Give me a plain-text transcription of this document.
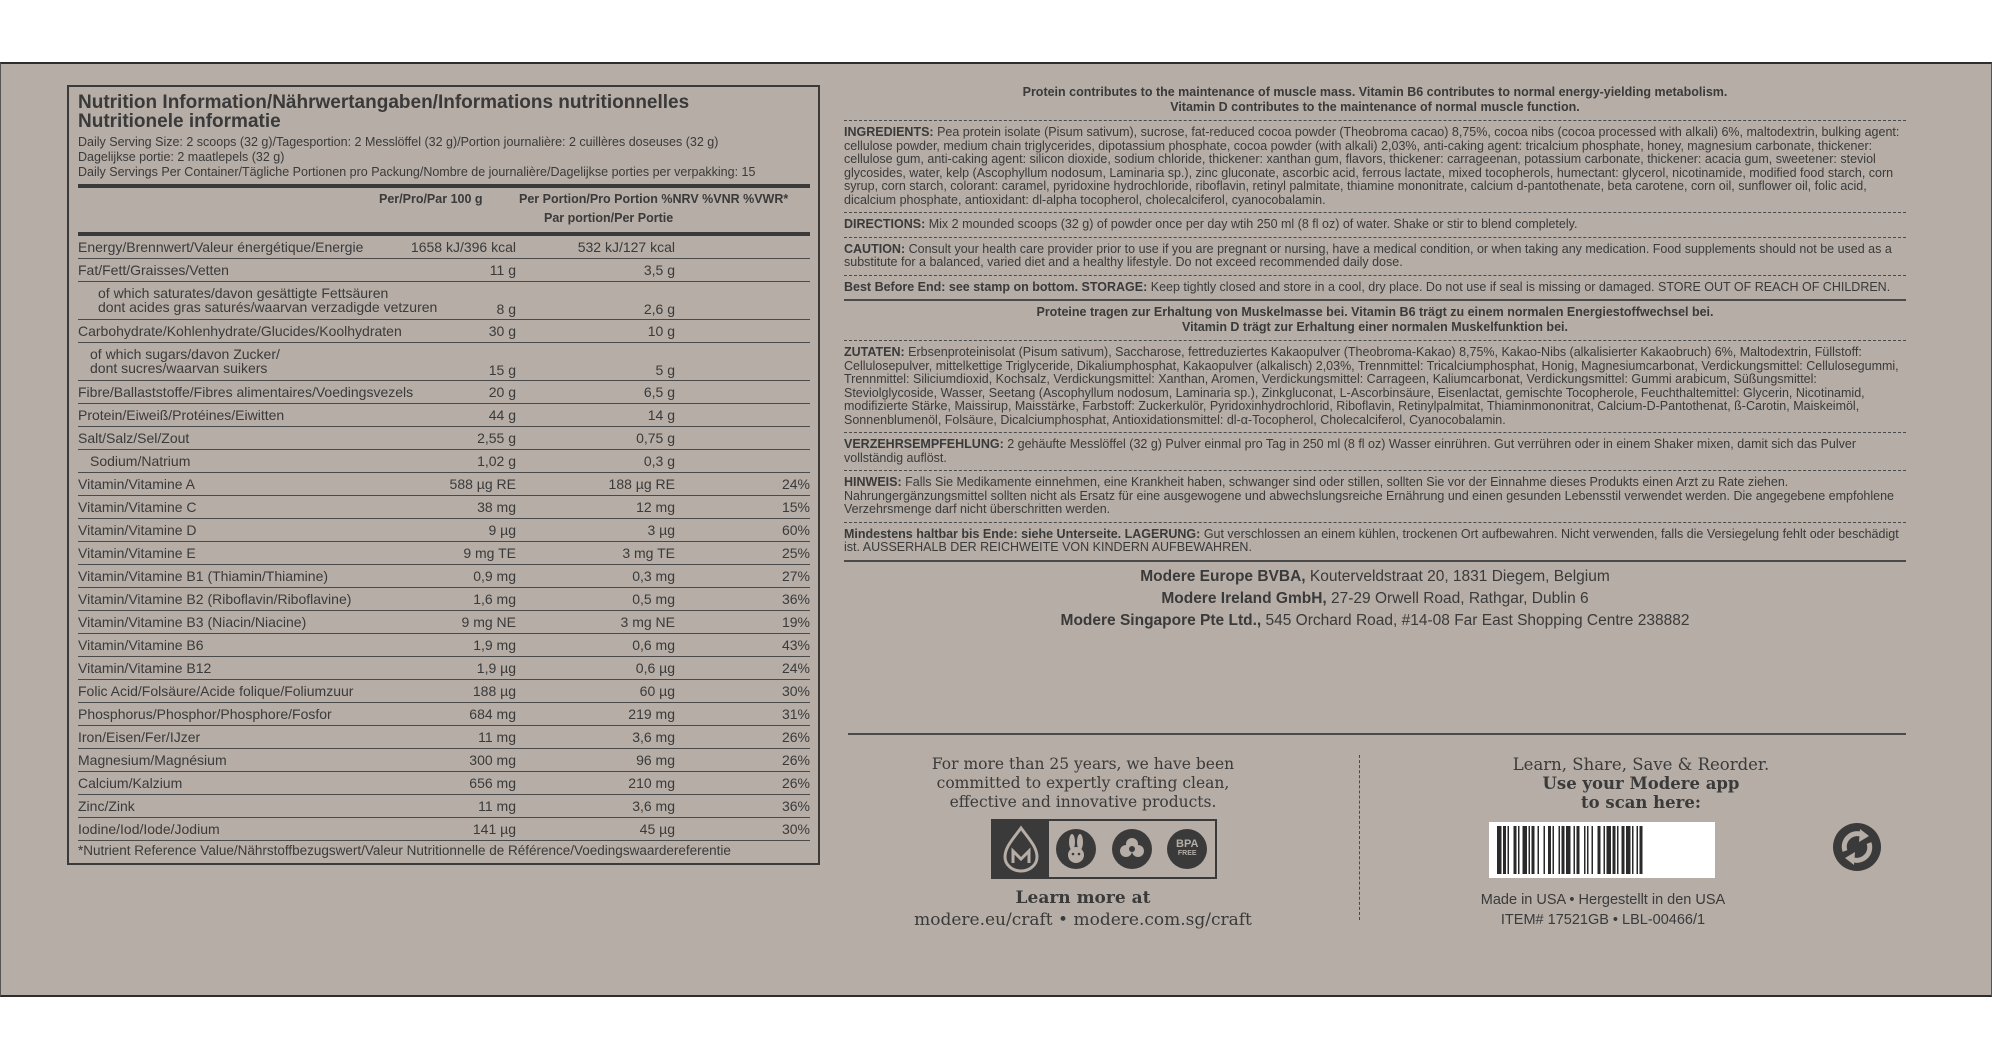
Nutrition Information/Nährwertangaben/Informations nutritionnelles
Nutritionele informatie
Daily Serving Size: 2 scoops (32 g)/Tagesportion: 2 Messlöffel (32 g)/Portion journalière: 2 cuillères doseuses (32 g)
Dagelijkse portie: 2 maatlepels (32 g)
Daily Servings Per Container/Tägliche Portionen pro Packung/Nombre de journalière/Dagelijkse porties per verpakking: 15
Per/Pro/Par 100 g	Per Portion/Pro Portion %NRV %VNR %VWR*
Par portion/Per Portie
Energy/Brennwert/Valeur énergétique/Energie	1658 kJ/396 kcal	532 kJ/127 kcal
Fat/Fett/Graisses/Vetten	11 g	3,5 g
of which saturates/davon gesättigte Fettsäuren
dont acides gras saturés/waarvan verzadigde vetzuren	8 g	2,6 g
Carbohydrate/Kohlenhydrate/Glucides/Koolhydraten	30 g	10 g
of which sugars/davon Zucker/
dont sucres/waarvan suikers	15 g	5 g
Fibre/Ballaststoffe/Fibres alimentaires/Voedingsvezels	20 g	6,5 g
Protein/Eiweiß/Protéines/Eiwitten	44 g	14 g
Salt/Salz/Sel/Zout	2,55 g	0,75 g
Sodium/Natrium	1,02 g	0,3 g
Vitamin/Vitamine A	588 µg RE	188 µg RE	24%
Vitamin/Vitamine C	38 mg	12 mg	15%
Vitamin/Vitamine D	9 µg	3 µg	60%
Vitamin/Vitamine E	9 mg TE	3 mg TE	25%
Vitamin/Vitamine B1 (Thiamin/Thiamine)	0,9 mg	0,3 mg	27%
Vitamin/Vitamine B2 (Riboflavin/Riboflavine)	1,6 mg	0,5 mg	36%
Vitamin/Vitamine B3 (Niacin/Niacine)	9 mg NE	3 mg NE	19%
Vitamin/Vitamine B6	1,9 mg	0,6 mg	43%
Vitamin/Vitamine B12	1,9 µg	0,6 µg	24%
Folic Acid/Folsäure/Acide folique/Foliumzuur	188 µg	60 µg	30%
Phosphorus/Phosphor/Phosphore/Fosfor	684 mg	219 mg	31%
Iron/Eisen/Fer/IJzer	11 mg	3,6 mg	26%
Magnesium/Magnésium	300 mg	96 mg	26%
Calcium/Kalzium	656 mg	210 mg	26%
Zinc/Zink	11 mg	3,6 mg	36%
Iodine/Iod/Iode/Jodium	141 µg	45 µg	30%
*Nutrient Reference Value/Nährstoffbezugswert/Valeur Nutritionnelle de Référence/Voedingswaardereferentie
Protein contributes to the maintenance of muscle mass. Vitamin B6 contributes to normal energy-yielding metabolism.
Vitamin D contributes to the maintenance of normal muscle function.
INGREDIENTS: Pea protein isolate (Pisum sativum), sucrose, fat-reduced cocoa powder (Theobroma cacao) 8,75%, cocoa nibs (cocoa processed with alkali) 6%, maltodextrin, bulking agent: cellulose powder, medium chain triglycerides, dipotassium phosphate, cocoa powder (with alkali) 2,03%, anti-caking agent: tricalcium phosphate, honey, magnesium carbonate, thickener: cellulose gum, anti-caking agent: silicon dioxide, sodium chloride, thickener: xanthan gum, flavors, thickener: carrageenan, potassium carbonate, thickener: acacia gum, sweetener: steviol glycosides, water, kelp (Ascophyllum nodosum, Laminaria sp.), zinc gluconate, ascorbic acid, ferrous lactate, mixed tocopherols, humectant: glycerol, nicotinamide, modified food starch, corn syrup, corn starch, colorant: caramel, pyridoxine hydrochloride, riboflavin, retinyl palmitate, thiamine mononitrate, calcium d-pantothenate, beta carotene, corn oil, sunflower oil, folic acid, dicalcium phosphate, antioxidant: dl-alpha tocopherol, cholecalciferol, cyanocobalamin.
DIRECTIONS: Mix 2 mounded scoops (32 g) of powder once per day wtih 250 ml (8 fl oz) of water. Shake or stir to blend completely.
CAUTION: Consult your health care provider prior to use if you are pregnant or nursing, have a medical condition, or when taking any medication. Food supplements should not be used as a substitute for a balanced, varied diet and a healthy lifestyle. Do not exceed recommended daily dose.
Best Before End: see stamp on bottom. STORAGE: Keep tightly closed and store in a cool, dry place. Do not use if seal is missing or damaged. STORE OUT OF REACH OF CHILDREN.
Proteine tragen zur Erhaltung von Muskelmasse bei. Vitamin B6 trägt zu einem normalen Energiestoffwechsel bei.
Vitamin D trägt zur Erhaltung einer normalen Muskelfunktion bei.
ZUTATEN: Erbsenproteinisolat (Pisum sativum), Saccharose, fettreduziertes Kakaopulver (Theobroma-Kakao) 8,75%, Kakao-Nibs (alkalisierter Kakaobruch) 6%, Maltodextrin, Füllstoff: Cellulosepulver, mittelkettige Triglyceride, Dikaliumphosphat, Kakaopulver (alkalisch) 2,03%, Trennmittel: Tricalciumphosphat, Honig, Magnesiumcarbonat, Verdickungsmittel: Cellulosegummi, Trennmittel: Siliciumdioxid, Kochsalz, Verdickungsmittel: Xanthan, Aromen, Verdickungsmittel: Carrageen, Kaliumcarbonat, Verdickungsmittel: Gummi arabicum, Süßungsmittel: Steviolglycoside, Wasser, Seetang (Ascophyllum nodosum, Laminaria sp.), Zinkgluconat, L-Ascorbinsäure, Eisenlactat, gemischte Tocopherole, Feuchthaltemittel: Glycerin, Nicotinamid, modifizierte Stärke, Maissirup, Maisstärke, Farbstoff: Zuckerkulör, Pyridoxinhydrochlorid, Riboflavin, Retinylpalmitat, Thiaminmononitrat, Calcium-D-Pantothenat, ß-Carotin, Maiskeimöl, Sonnenblumenöl, Folsäure, Dicalciumphosphat, Antioxidationsmittel: dl-α-Tocopherol, Cholecalciferol, Cyanocobalamin.
VERZEHRSEMPFEHLUNG: 2 gehäufte Messlöffel (32 g) Pulver einmal pro Tag in 250 ml (8 fl oz) Wasser einrühren. Gut verrühren oder in einem Shaker mixen, damit sich das Pulver vollständig auflöst.
HINWEIS: Falls Sie Medikamente einnehmen, eine Krankheit haben, schwanger sind oder stillen, sollten Sie vor der Einnahme dieses Produkts einen Arzt zu Rate ziehen. Nahrungergänzungsmittel sollten nicht als Ersatz für eine ausgewogene und abwechslungsreiche Ernährung und einen gesunden Lebensstil verwendet werden. Die angegebene empfohlene Verzehrsmenge darf nicht überschritten werden.
Mindestens haltbar bis Ende: siehe Unterseite. LAGERUNG: Gut verschlossen an einem kühlen, trockenen Ort aufbewahren. Nicht verwenden, falls die Versiegelung fehlt oder beschädigt ist. AUSSERHALB DER REICHWEITE VON KINDERN AUFBEWAHREN.
Modere Europe BVBA, Kouterveldstraat 20, 1831 Diegem, Belgium
Modere Ireland GmbH, 27-29 Orwell Road, Rathgar, Dublin 6
Modere Singapore Pte Ltd., 545 Orchard Road, #14-08 Far East Shopping Centre 238882
For more than 25 years, we have been
committed to expertly crafting clean,
effective and innovative products.
BPA
FREE
Learn more at
modere.eu/craft • modere.com.sg/craft
Learn, Share, Save & Reorder.
Use your Modere app
to scan here:
Made in USA • Hergestellt in den USA
ITEM# 17521GB • LBL-00466/1
